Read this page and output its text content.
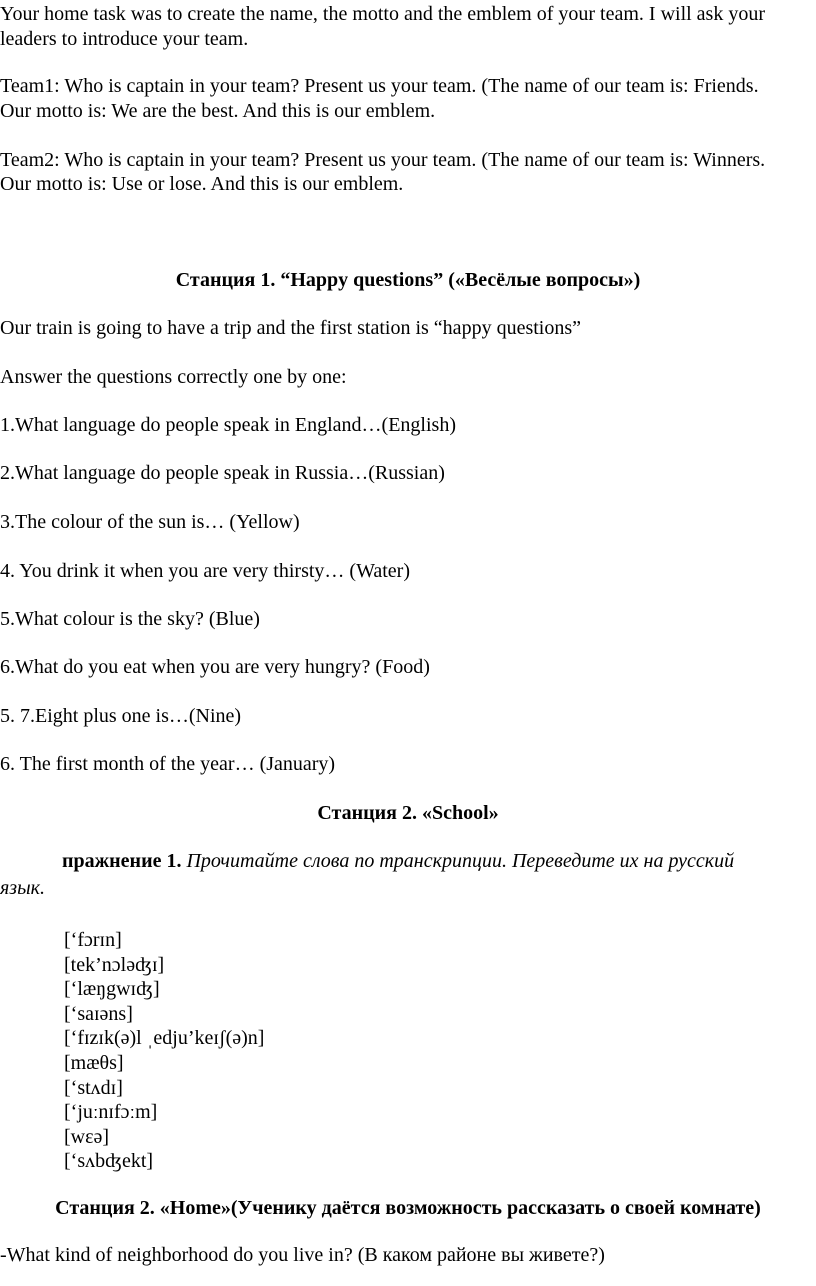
Your home task was to create the name, the motto and the emblem of your team. I will ask your
leaders to introduce your team.
Team1: Who is captain in your team? Present us your team. (The name of our team is: Friends.
Our motto is: We are the best. And this is our emblem.
Team2: Who is captain in your team? Present us your team. (The name of our team is: Winners.
Our motto is: Use or lose. And this is our emblem.
Станция 1. “Happy questions” («Весёлые вопросы»)
Our train is going to have a trip and the first station is “happy questions”
Answer the questions correctly one by one:
1.What language do people speak in England…(English)
2.What language do people speak in Russia…(Russian)
3.The colour of the sun is… (Yellow)
4. You drink it when you are very thirsty… (Water)
5.What colour is the sky? (Blue)
6.What do you eat when you are very hungry? (Food)
5. 7.Eight plus one is…(Nine)
6. The first month of the year… (January)
Станция 2. «School»
пражнение 1. Прочитайте слова по транскрипции. Переведите их на русский
язык.
[‘fɔrɪn]
[tek’nɔləʤɪ]
[‘læŋgwɪʤ]
[‘saɪəns]
[‘fɪzɪk(ə)l ˌedju’keɪʃ(ə)n]
[mæθs]
[‘stʌdɪ]
[‘juːnɪfɔːm]
[wɛə]
[‘sʌbʤekt]
Станция 2. «Home»(Ученику даётся возможность рассказать о своей комнате)
-What kind of neighborhood do you live in? (В каком районе вы живете?)
